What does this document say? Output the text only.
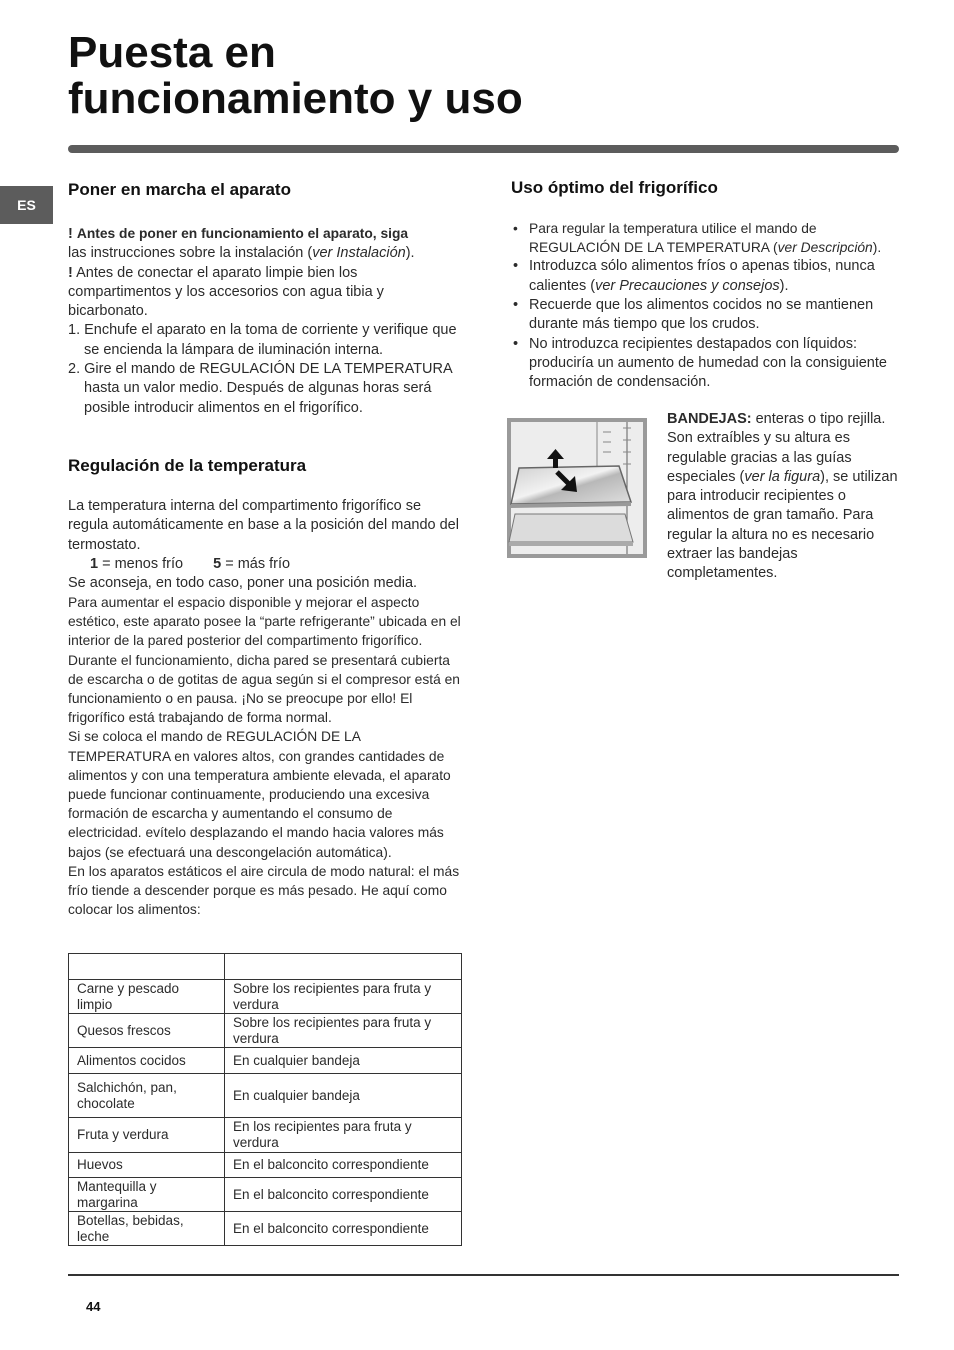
Puesta en
funcionamiento y uso
ES
Poner en marcha el aparato

! Antes de poner en funcionamiento el aparato, siga
las instrucciones sobre la instalación (ver Instalación).

! Antes de conectar el aparato limpie bien los compartimentos y los accesorios con agua tibia y bicarbonato.

1. Enchufe el aparato en la toma de corriente y verifique que se encienda la lámpara de iluminación interna.
2. Gire el mando de REGULACIÓN DE LA TEMPERATURA hasta un valor medio. Después de algunas horas será posible introducir alimentos en el frigorífico.
Regulación de la temperatura

La temperatura interna del compartimento frigorífico se regula automáticamente en base a la posición del mando del termostato.

1 = menos frío 5 = más frío

Se aconseja, en todo caso, poner una posición media.

Para aumentar el espacio disponible y mejorar el aspecto estético, este aparato posee la “parte refrigerante” ubicada en el interior de la pared posterior del compartimento frigorífico. Durante el funcionamiento, dicha pared se presentará cubierta de escarcha o de gotitas de agua según si el compresor está en funcionamiento o en pausa. ¡No se preocupe por ello! El frigorífico está trabajando de forma normal.

Si se coloca el mando de REGULACIÓN DE LA TEMPERATURA en valores altos, con grandes cantidades de alimentos y con una temperatura ambiente elevada, el aparato puede funcionar continuamente, produciendo una excesiva formación de escarcha y aumentando el consumo de electricidad. evítelo desplazando el mando hacia valores más bajos (se efectuará una descongelación automática).

En los aparatos estáticos el aire circula de modo natural: el más frío tiende a descender porque es más pesado. He aquí como colocar los alimentos:

Carne y pescado limpio	Sobre los recipientes para fruta y verdura
Quesos frescos	Sobre los recipientes para fruta y verdura
Alimentos cocidos	En cualquier bandeja
Salchichón, pan, chocolate	En cualquier bandeja
Fruta y verdura	En los recipientes para fruta y verdura
Huevos	En el balconcito correspondiente
Mantequilla y margarina	En el balconcito correspondiente
Botellas, bebidas, leche	En el balconcito correspondiente
Uso óptimo del frigorífico
• Para regular la temperatura utilice el mando de REGULACIÓN DE LA TEMPERATURA (ver Descripción).
• Introduzca sólo alimentos fríos o apenas tibios, nunca calientes (ver Precauciones y consejos).
• Recuerde que los alimentos cocidos no se mantienen durante más tiempo que los crudos.
• No introduzca recipientes destapados con líquidos: produciría un aumento de humedad con la consiguiente formación de condensación.

BANDEJAS: enteras o tipo rejilla. Son extraíbles y su altura es regulable gracias a las guías especiales (ver la figura), se utilizan para introducir recipientes o alimentos de gran tamaño. Para regular la altura no es necesario extraer las bandejas completamentes.

44
